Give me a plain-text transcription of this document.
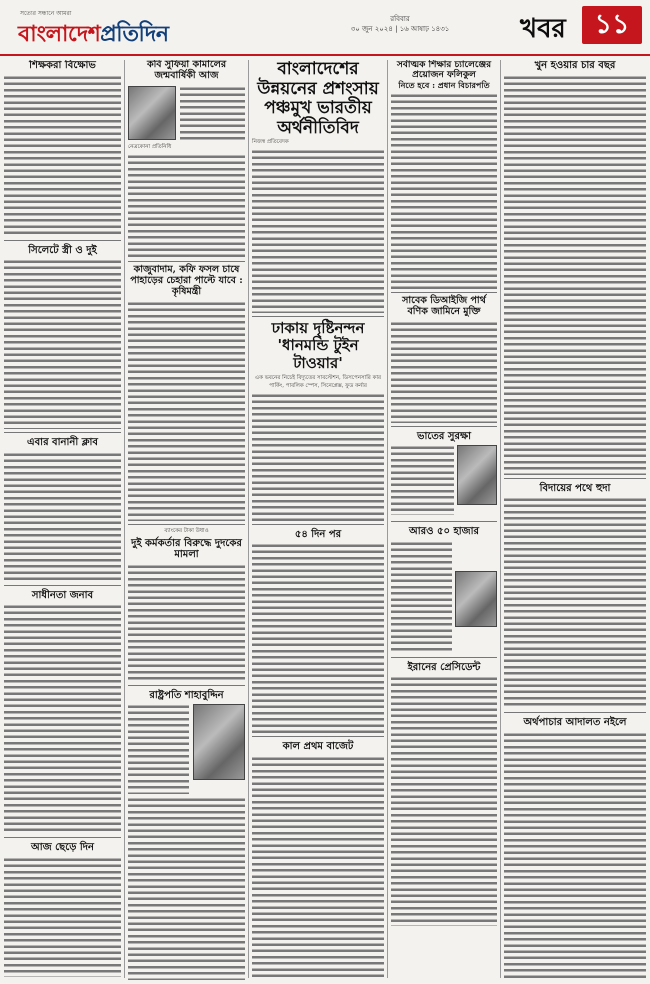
সত্যের সন্ধানে আমরা
বাংলাদেশপ্রতিদিন
রবিবার
৩০ জুন ২০২৪ | ১৬ আষাঢ় ১৪৩১	খবর	১১
শিক্ষকরা বিক্ষোভ
সিলেটে স্ত্রী ও দুই
এবার বানানী ক্লাব
সাধীনতা জনাব
আজ ছেড়ে দিন
কবি সুফিয়া কামালের জন্মবার্ষিকী আজ
নেত্রকোনা প্রতিনিধি
কাজুবাদাম, কফি ফসল চাষে পাহাড়ের চেহারা পাল্টে যাবে : কৃষিমন্ত্রী
ব্যাংকের টাকা উধাও
দুই কর্মকর্তার বিরুদ্ধে দুদকের মামলা
রাষ্ট্রপতি শাহাবুদ্দিন
বাংলাদেশের উন্নয়নের প্রশংসায় পঞ্চমুখ ভারতীয় অর্থনীতিবিদ
নিজস্ব প্রতিবেদক
ঢাকায় দৃষ্টিনন্দন 'ধানমন্ডি টুইন টাওয়ার'
এক ভবনের নিচেই বিদ্যুতের সাবস্টেশন, ডিসপেনসারি কার পার্কিং, পাবলিক স্পেস, সিনেপ্লেক্স, ফুড কর্নার
৫৪ দিন পর
কাল প্রথম বাজেট
সর্বাত্মক শিক্ষার চ্যালেঞ্জের প্রয়োজন ফলিকুল
নিতে হবে : প্রধান বিচারপতি
সাবেক ডিআইজি পার্থ বণিক জামিনে মুক্তি
ভাতের সুরক্ষা
আরও ৫০ হাজার
ইরানের প্রেসিডেন্ট
খুন হওয়ার চার বছর
বিদায়ের পথে হুদা
অর্থপাচার আদালত নইলে
